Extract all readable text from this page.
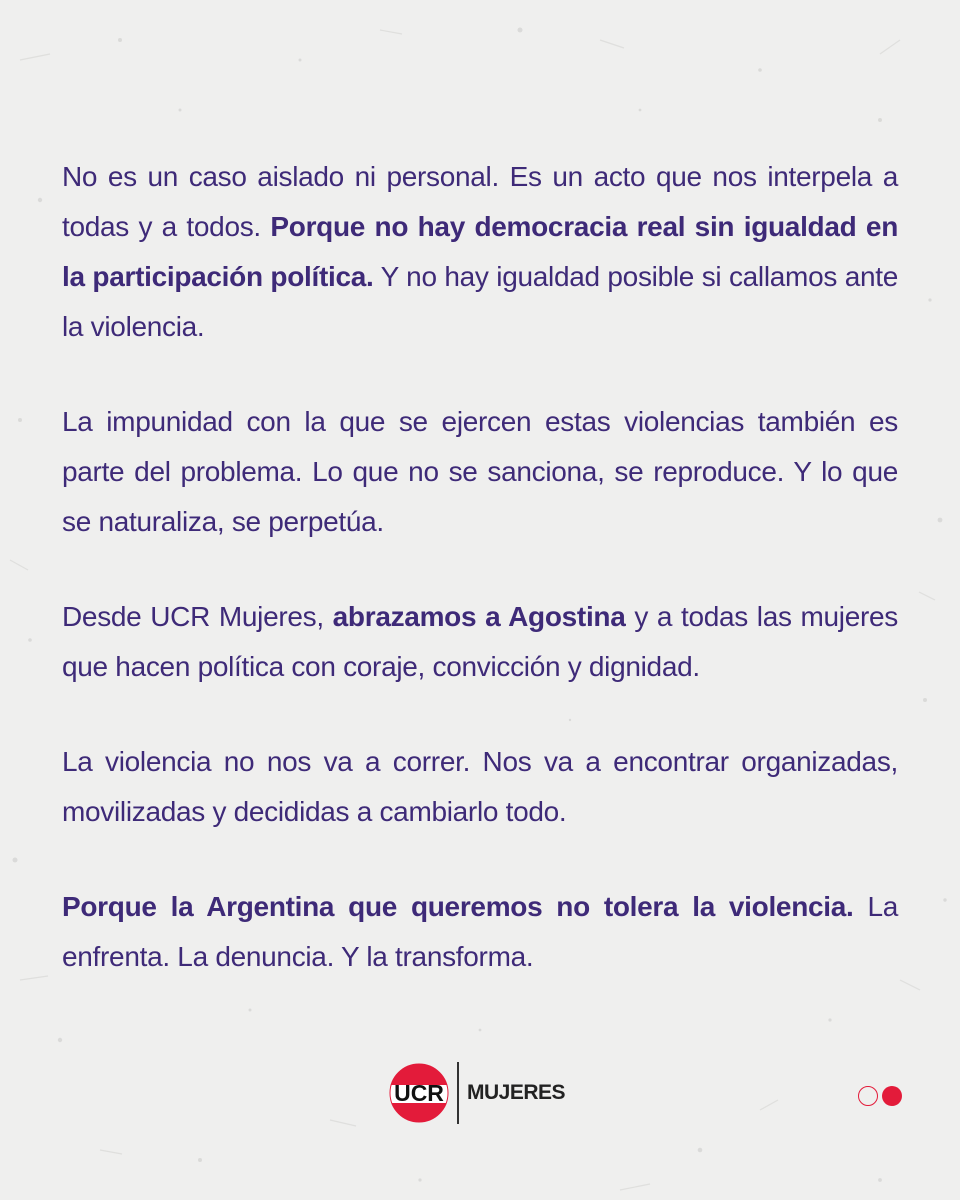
No es un caso aislado ni personal. Es un acto que nos interpela a todas y a todos. Porque no hay democracia real sin igualdad en la participación política. Y no hay igualdad posible si callamos ante la violencia.

La impunidad con la que se ejercen estas violencias también es parte del problema. Lo que no se sanciona, se reproduce. Y lo que se naturaliza, se perpetúa.

Desde UCR Mujeres, abrazamos a Agostina y a todas las mujeres que hacen política con coraje, convicción y dignidad.

La violencia no nos va a correr. Nos va a encontrar organizadas, movilizadas y decididas a cambiarlo todo.

Porque la Argentina que queremos no tolera la violencia. La enfrenta. La denuncia. Y la transforma.

UCR MUJERES
